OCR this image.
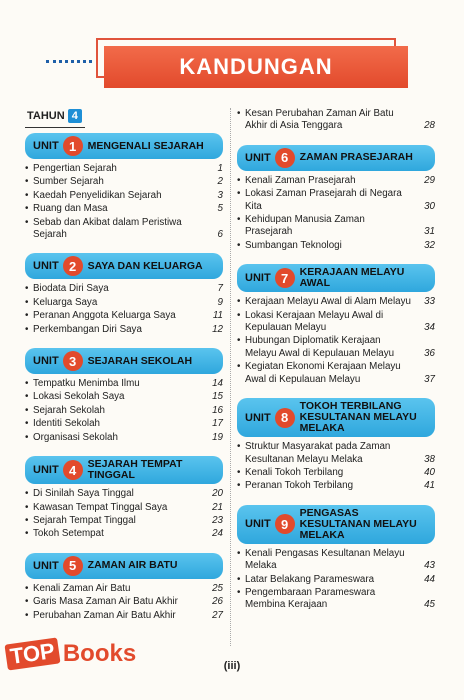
KANDUNGAN
TAHUN 4
UNIT 1	MENGENALI SEJARAH
• Pengertian Sejarah	1
• Sumber Sejarah	2
• Kaedah Penyelidikan Sejarah	3
• Ruang dan Masa	5
• Sebab dan Akibat dalam Peristiwa Sejarah	6
UNIT 2	SAYA DAN KELUARGA
• Biodata Diri Saya	7
• Keluarga Saya	9
• Peranan Anggota Keluarga Saya	11
• Perkembangan Diri Saya	12
UNIT 3	SEJARAH SEKOLAH
• Tempatku Menimba Ilmu	14
• Lokasi Sekolah Saya	15
• Sejarah Sekolah	16
• Identiti Sekolah	17
• Organisasi Sekolah	19
UNIT 4	SEJARAH TEMPAT TINGGAL
• Di Sinilah Saya Tinggal	20
• Kawasan Tempat Tinggal Saya	21
• Sejarah Tempat Tinggal	23
• Tokoh Setempat	24
UNIT 5	ZAMAN AIR BATU
• Kenali Zaman Air Batu	25
• Garis Masa Zaman Air Batu Akhir	26
• Perubahan Zaman Air Batu Akhir	27
• Kesan Perubahan Zaman Air Batu Akhir di Asia Tenggara	28
UNIT 6	ZAMAN PRASEJARAH
• Kenali Zaman Prasejarah	29
• Lokasi Zaman Prasejarah di Negara Kita	30
• Kehidupan Manusia Zaman Prasejarah	31
• Sumbangan Teknologi	32
UNIT 7	KERAJAAN MELAYU AWAL
• Kerajaan Melayu Awal di Alam Melayu	33
• Lokasi Kerajaan Melayu Awal di Kepulauan Melayu	34
• Hubungan Diplomatik Kerajaan Melayu Awal di Kepulauan Melayu	36
• Kegiatan Ekonomi Kerajaan Melayu Awal di Kepulauan Melayu	37
UNIT 8
TOKOH TERBILANG KESULTANAN MELAYU MELAKA
• Struktur Masyarakat pada Zaman Kesultanan Melayu Melaka	38
• Kenali Tokoh Terbilang	40
• Peranan Tokoh Terbilang	41
UNIT 9
PENGASAS KESULTANAN MELAYU MELAKA
• Kenali Pengasas Kesultanan Melayu Melaka	43
• Latar Belakang Parameswara	44
• Pengembaraan Parameswara Membina Kerajaan	45
TOP Books	(iii)
